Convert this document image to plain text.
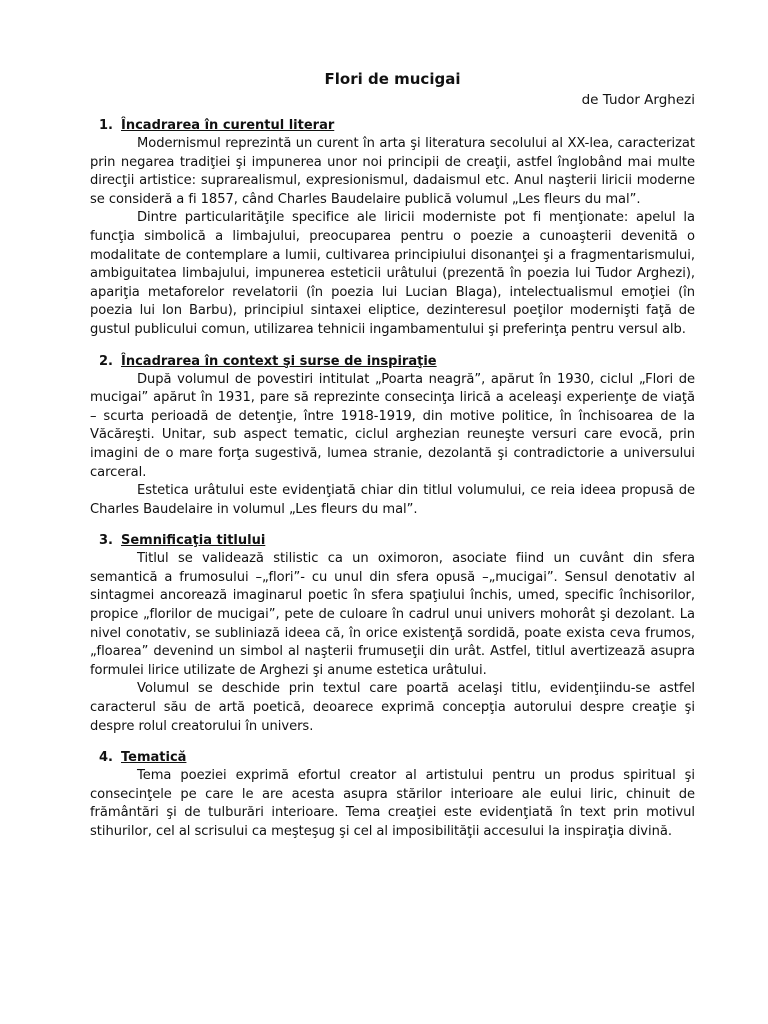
Flori de mucigai

de Tudor Arghezi

1. Încadrarea în curentul literar

Modernismul reprezintă un curent în arta şi literatura secolului al XX-lea, caracterizat prin negarea tradiţiei şi impunerea unor noi principii de creaţii, astfel înglobând mai multe direcţii artistice: suprarealismul, expresionismul, dadaismul etc. Anul naşterii liricii moderne se consideră a fi 1857, când Charles Baudelaire publică volumul „Les fleurs du mal”.

Dintre particularităţile specifice ale liricii moderniste pot fi menţionate: apelul la funcţia simbolică a limbajului, preocuparea pentru o poezie a cunoaşterii devenită o modalitate de contemplare a lumii, cultivarea principiului disonanţei şi a fragmentarismului, ambiguitatea limbajului, impunerea esteticii urâtului (prezentă în poezia lui Tudor Arghezi), apariţia metaforelor revelatorii (în poezia lui Lucian Blaga), intelectualismul emoţiei (în poezia lui Ion Barbu), principiul sintaxei eliptice, dezinteresul poeţilor modernişti faţă de gustul publicului comun, utilizarea tehnicii ingambamentului şi preferinţa pentru versul alb.

2. Încadrarea în context şi surse de inspiraţie

După volumul de povestiri intitulat „Poarta neagră”, apărut în 1930, ciclul „Flori de mucigai” apărut în 1931, pare să reprezinte consecinţa lirică a aceleaşi experienţe de viaţă – scurta perioadă de detenţie, între 1918-1919, din motive politice, în închisoarea de la Văcăreşti. Unitar, sub aspect tematic, ciclul arghezian reuneşte versuri care evocă, prin imagini de o mare forţa sugestivă, lumea stranie, dezolantă şi contradictorie a universului carceral.

Estetica urâtului este evidenţiată chiar din titlul volumului, ce reia ideea propusă de Charles Baudelaire in volumul „Les fleurs du mal”.

3. Semnificaţia titlului

Titlul se validează stilistic ca un oximoron, asociate fiind un cuvânt din sfera semantică a frumosului –„flori”- cu unul din sfera opusă –„mucigai”. Sensul denotativ al sintagmei ancorează imaginarul poetic în sfera spaţiului închis, umed, specific închisorilor, propice „florilor de mucigai”, pete de culoare în cadrul unui univers mohorât şi dezolant. La nivel conotativ, se subliniază ideea că, în orice existenţă sordidă, poate exista ceva frumos, „floarea” devenind un simbol al naşterii frumuseţii din urât. Astfel, titlul avertizează asupra formulei lirice utilizate de Arghezi şi anume estetica urâtului.

Volumul se deschide prin textul care poartă acelaşi titlu, evidenţiindu-se astfel caracterul său de artă poetică, deoarece exprimă concepţia autorului despre creaţie şi despre rolul creatorului în univers.

4. Tematică

Tema poeziei exprimă efortul creator al artistului pentru un produs spiritual şi consecinţele pe care le are acesta asupra stărilor interioare ale eului liric, chinuit de frământări şi de tulburări interioare. Tema creaţiei este evidenţiată în text prin motivul stihurilor, cel al scrisului ca meşteşug şi cel al imposibilităţii accesului la inspiraţia divină.
